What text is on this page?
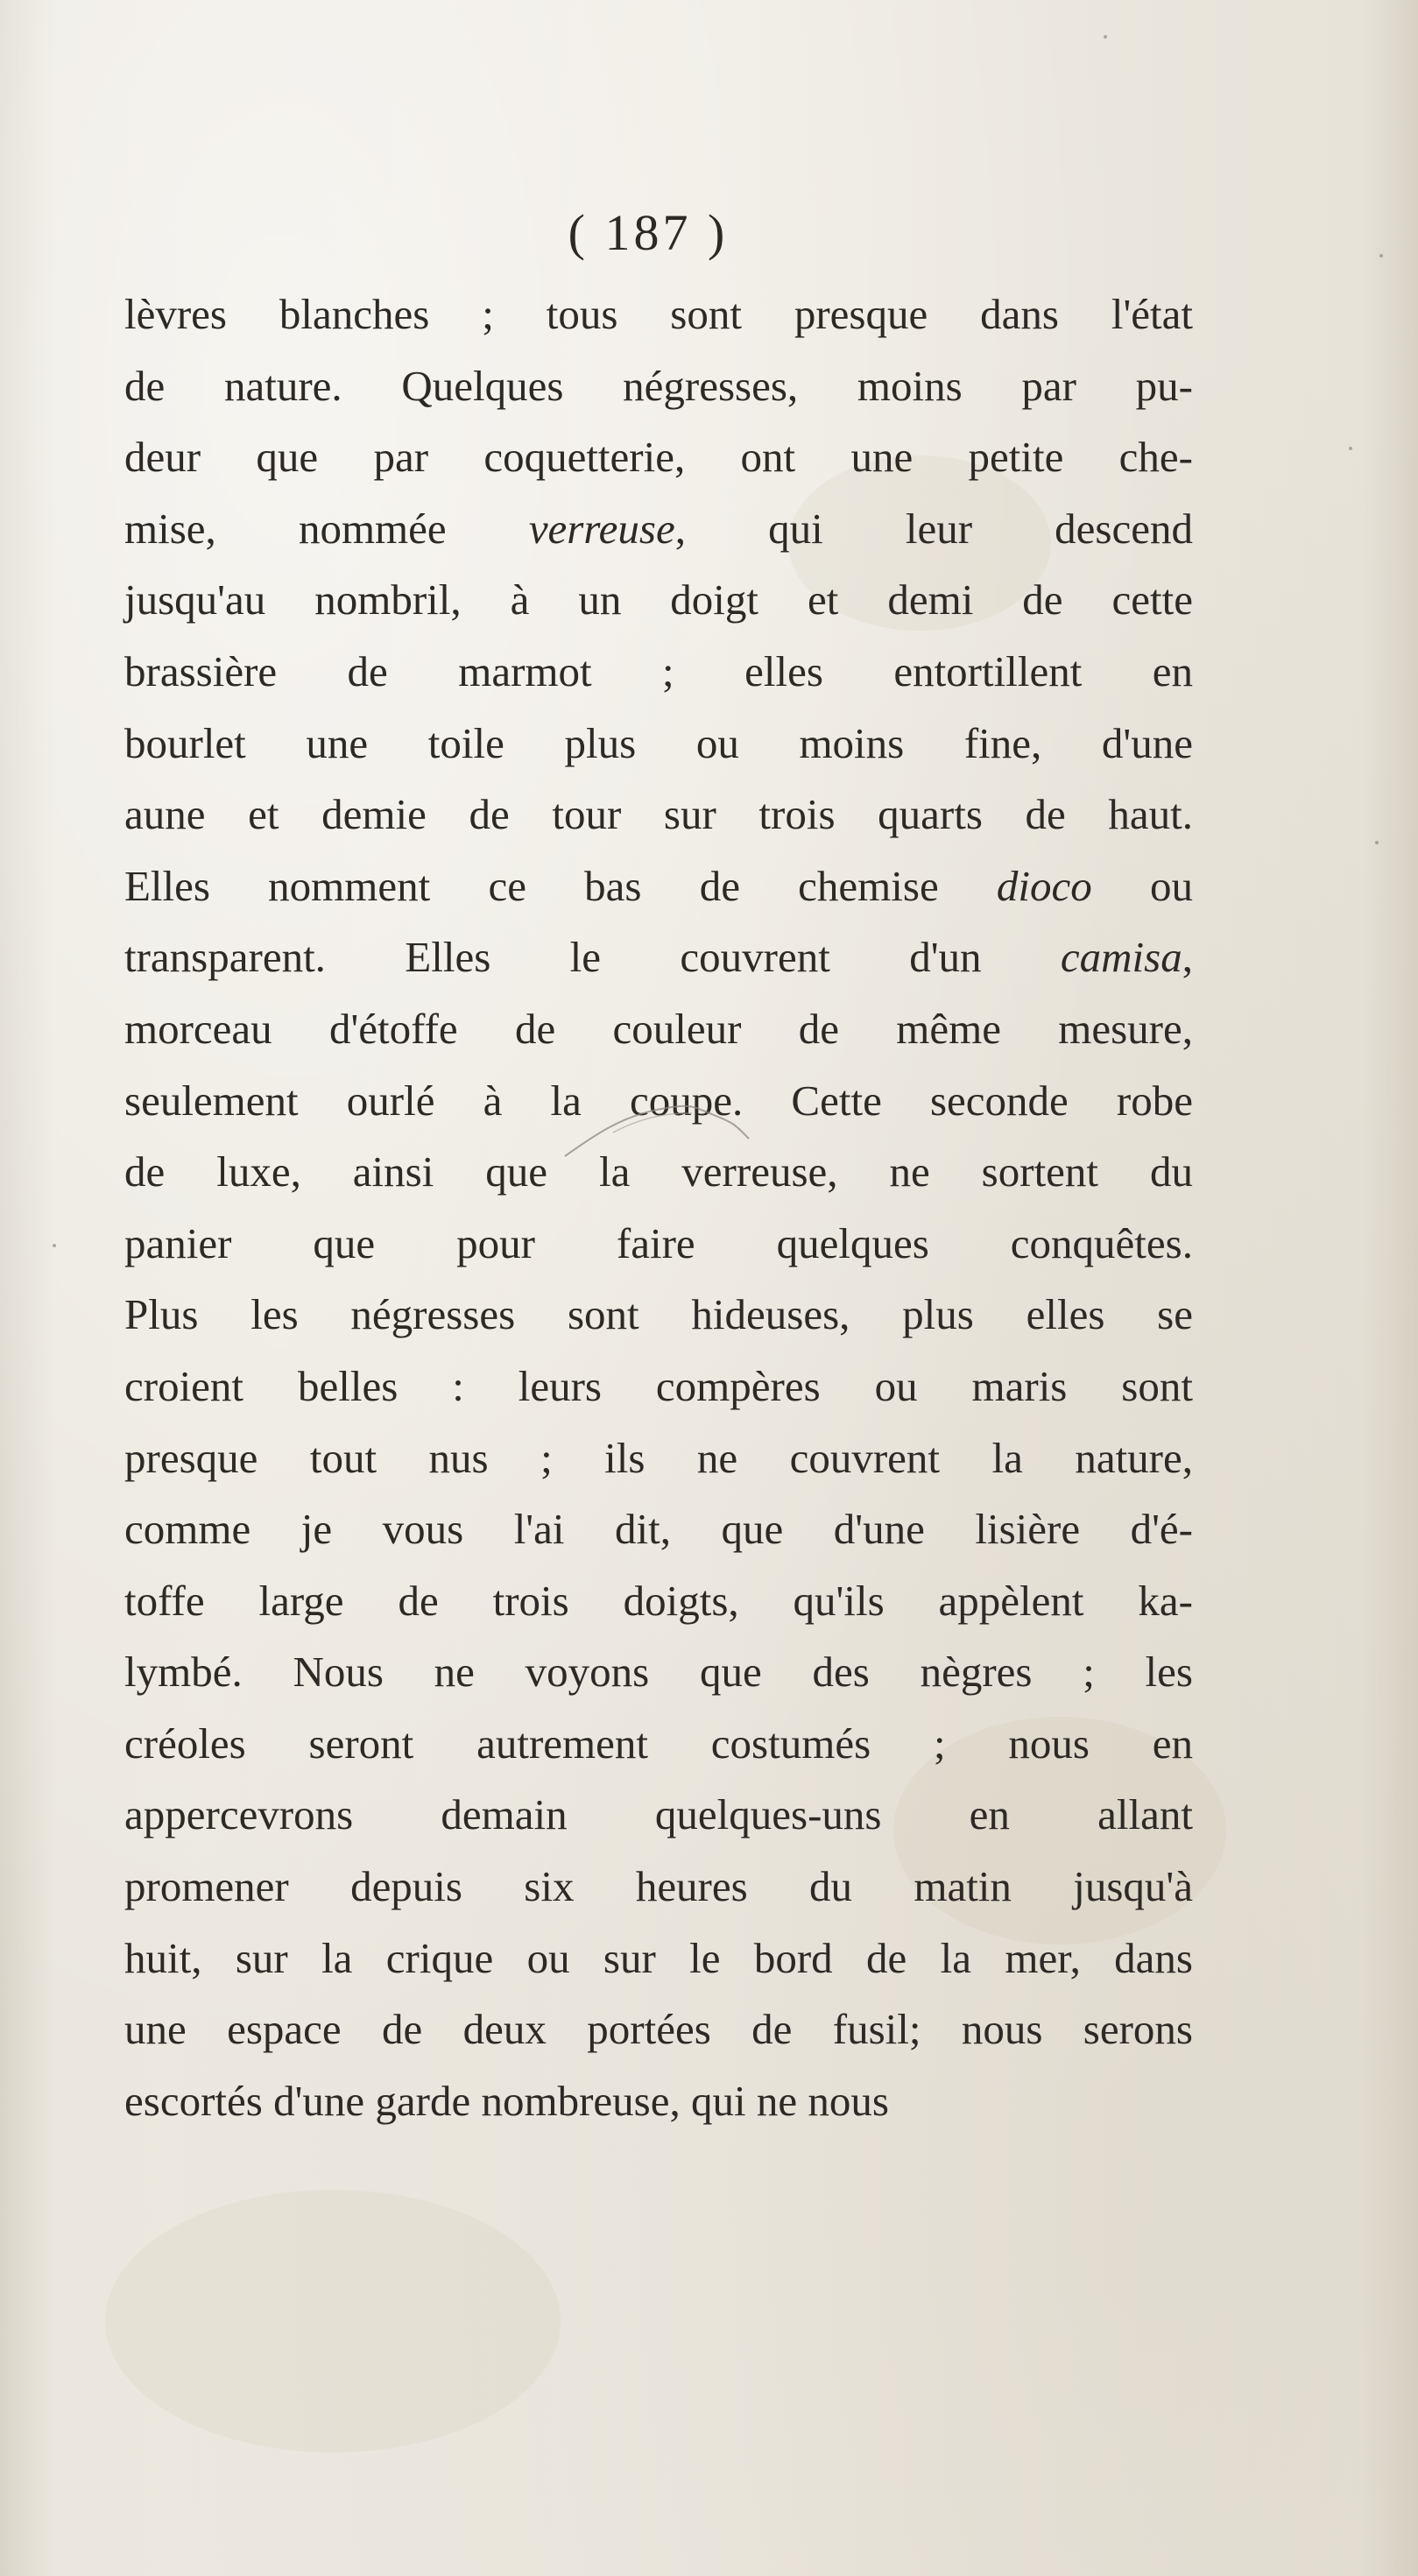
( 187 )
lèvres blanches ; tous sont presque dans l'état
de nature. Quelques négresses, moins par pu-
deur que par coquetterie, ont une petite che-
mise, nommée verreuse, qui leur descend
jusqu'au nombril, à un doigt et demi de cette
brassière de marmot ; elles entortillent en
bourlet une toile plus ou moins fine, d'une
aune et demie de tour sur trois quarts de haut.
Elles nomment ce bas de chemise dioco ou
transparent. Elles le couvrent d'un camisa,
morceau d'étoffe de couleur de même mesure,
seulement ourlé à la coupe. Cette seconde robe
de luxe, ainsi que la verreuse, ne sortent du
panier que pour faire quelques conquêtes.
Plus les négresses sont hideuses, plus elles se
croient belles : leurs compères ou maris sont
presque tout nus ; ils ne couvrent la nature,
comme je vous l'ai dit, que d'une lisière d'é-
toffe large de trois doigts, qu'ils appèlent ka-
lymbé. Nous ne voyons que des nègres ; les
créoles seront autrement costumés ; nous en
appercevrons demain quelques-uns en allant
promener depuis six heures du matin jusqu'à
huit, sur la crique ou sur le bord de la mer, dans
une espace de deux portées de fusil; nous serons
escortés d'une garde nombreuse, qui ne nous
